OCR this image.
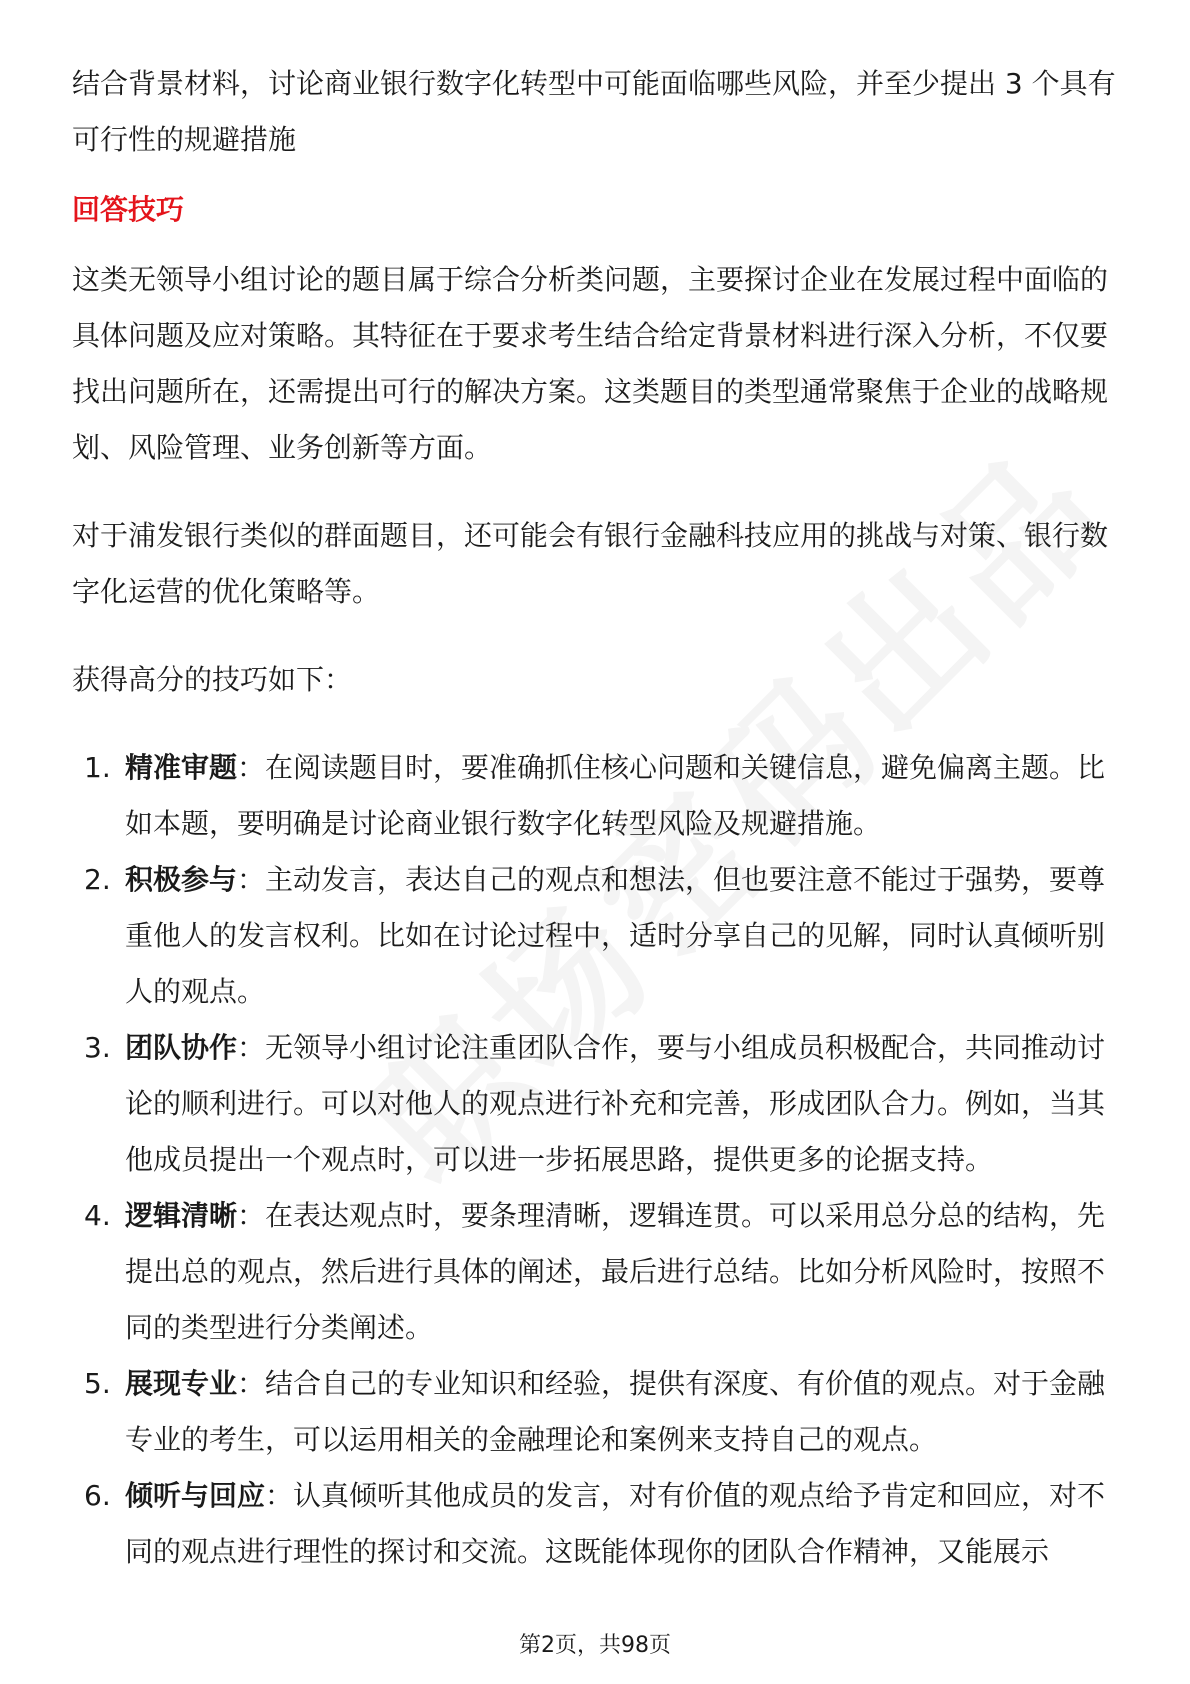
结合背景材料，讨论商业银行数字化转型中可能面临哪些风险，并至少提出 3 个具有可行性的规避措施

回答技巧

这类无领导小组讨论的题目属于综合分析类问题，主要探讨企业在发展过程中面临的具体问题及应对策略。其特征在于要求考生结合给定背景材料进行深入分析，不仅要找出问题所在，还需提出可行的解决方案。这类题目的类型通常聚焦于企业的战略规划、风险管理、业务创新等方面。

对于浦发银行类似的群面题目，还可能会有银行金融科技应用的挑战与对策、银行数字化运营的优化策略等。

获得高分的技巧如下：

1. 精准审题：在阅读题目时，要准确抓住核心问题和关键信息，避免偏离主题。比如本题，要明确是讨论商业银行数字化转型风险及规避措施。
2. 积极参与：主动发言，表达自己的观点和想法，但也要注意不能过于强势，要尊重他人的发言权利。比如在讨论过程中，适时分享自己的见解，同时认真倾听别人的观点。
3. 团队协作：无领导小组讨论注重团队合作，要与小组成员积极配合，共同推动讨论的顺利进行。可以对他人的观点进行补充和完善，形成团队合力。例如，当其他成员提出一个观点时，可以进一步拓展思路，提供更多的论据支持。
4. 逻辑清晰：在表达观点时，要条理清晰，逻辑连贯。可以采用总分总的结构，先提出总的观点，然后进行具体的阐述，最后进行总结。比如分析风险时，按照不同的类型进行分类阐述。
5. 展现专业：结合自己的专业知识和经验，提供有深度、有价值的观点。对于金融专业的考生，可以运用相关的金融理论和案例来支持自己的观点。
6. 倾听与回应：认真倾听其他成员的发言，对有价值的观点给予肯定和回应，对不同的观点进行理性的探讨和交流。这既能体现你的团队合作精神，又能展示
第2页，共98页
